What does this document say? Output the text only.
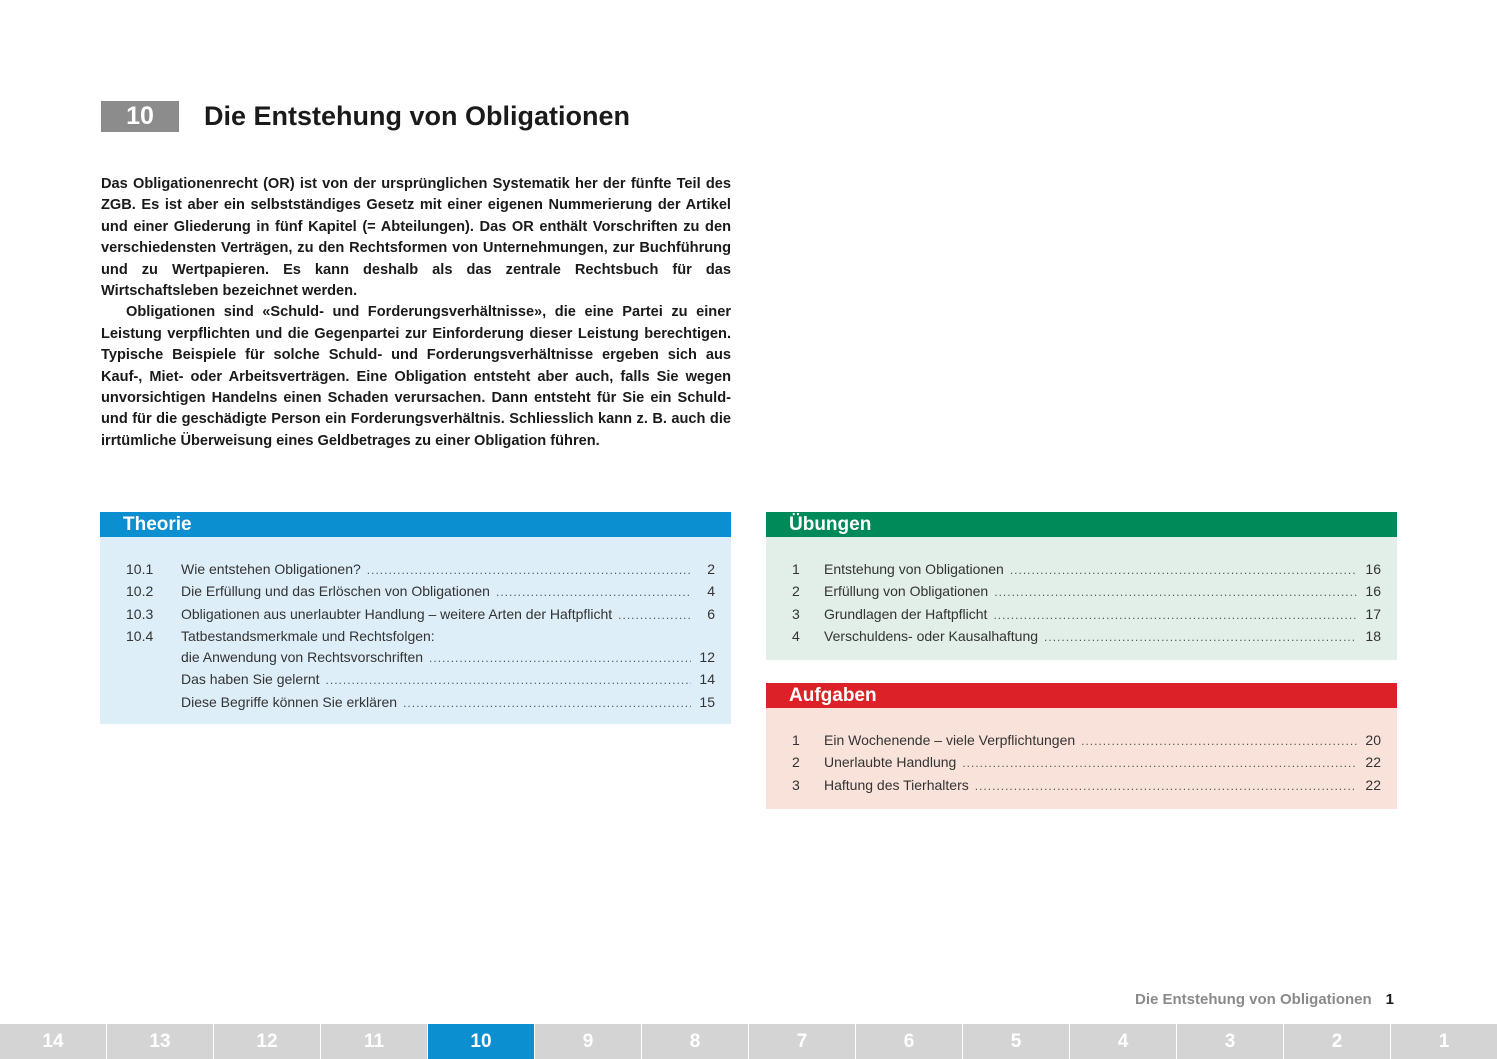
10	Die Entstehung von Obligationen

Das Obligationenrecht (OR) ist von der ursprünglichen Systematik her der fünfte Teil des ZGB. Es ist aber ein selbstständiges Gesetz mit einer eigenen Nummerierung der Artikel und einer Gliederung in fünf Kapitel (= Abteilungen). Das OR enthält Vorschriften zu den verschiedensten Verträgen, zu den Rechtsformen von Unternehmungen, zur Buchführung und zu Wertpapieren. Es kann deshalb als das zentrale Rechtsbuch für das Wirtschaftsleben bezeichnet werden.

Obligationen sind «Schuld- und Forderungsverhältnisse», die eine Partei zu einer Leistung verpflichten und die Gegenpartei zur Einforderung dieser Leistung berechtigen. Typische Beispiele für solche Schuld- und Forderungsverhältnisse ergeben sich aus Kauf-, Miet- oder Arbeitsverträgen. Eine Obligation entsteht aber auch, falls Sie wegen unvorsichtigen Handelns einen Schaden verursachen. Dann entsteht für Sie ein Schuld- und für die geschädigte Person ein Forderungsverhältnis. Schliesslich kann z. B. auch die irrtümliche Überweisung eines Geldbetrages zu einer Obligation führen.

Theorie
10.1	Wie entstehen Obligationen? .....	2
10.2	Die Erfüllung und das Erlöschen von Obligationen .....	4
10.3	Obligationen aus unerlaubter Handlung – weitere Arten der Haftpflicht .....	6
10.4	Tatbestandsmerkmale und Rechtsfolgen:
die Anwendung von Rechtsvorschriften .....	12
Das haben Sie gelernt .....	14
Diese Begriffe können Sie erklären .....	15
Übungen
1	Entstehung von Obligationen .....	16
2	Erfüllung von Obligationen .....	16
3	Grundlagen der Haftpflicht .....	17
4	Verschuldens- oder Kausalhaftung .....	18
Aufgaben
1	Ein Wochenende – viele Verpflichtungen .....	20
2	Unerlaubte Handlung .....	22
3	Haftung des Tierhalters .....	22
Die Entstehung von Obligationen 1
14	13	12	11	10	9	8	7	6	5	4	3	2	1
